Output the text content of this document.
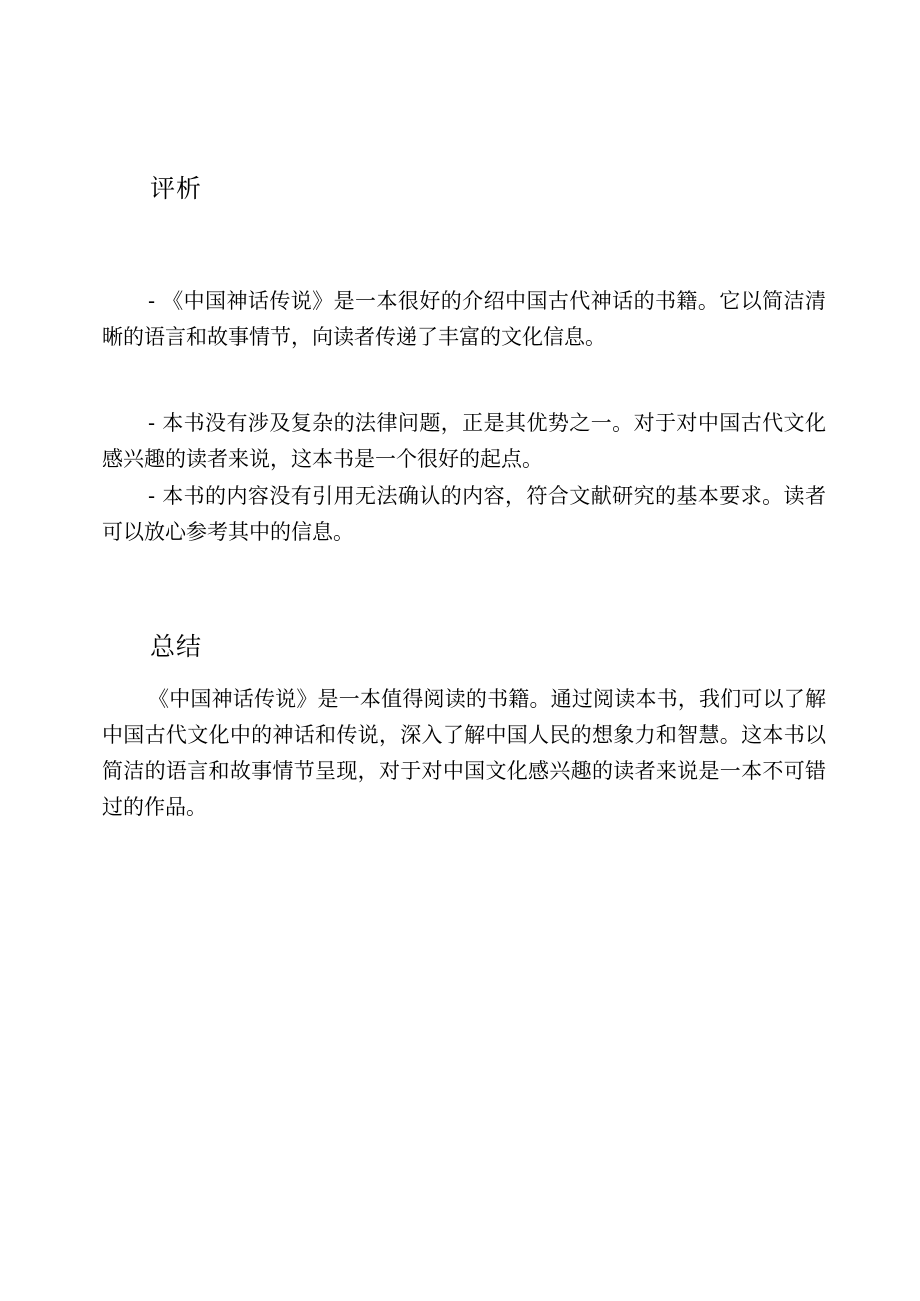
评析

- 《中国神话传说》是一本很好的介绍中国古代神话的书籍。它以简洁清晰的语言和故事情节，向读者传递了丰富的文化信息。

- 本书没有涉及复杂的法律问题，正是其优势之一。对于对中国古代文化感兴趣的读者来说，这本书是一个很好的起点。

- 本书的内容没有引用无法确认的内容，符合文献研究的基本要求。读者可以放心参考其中的信息。

总结

《中国神话传说》是一本值得阅读的书籍。通过阅读本书，我们可以了解中国古代文化中的神话和传说，深入了解中国人民的想象力和智慧。这本书以简洁的语言和故事情节呈现，对于对中国文化感兴趣的读者来说是一本不可错过的作品。
